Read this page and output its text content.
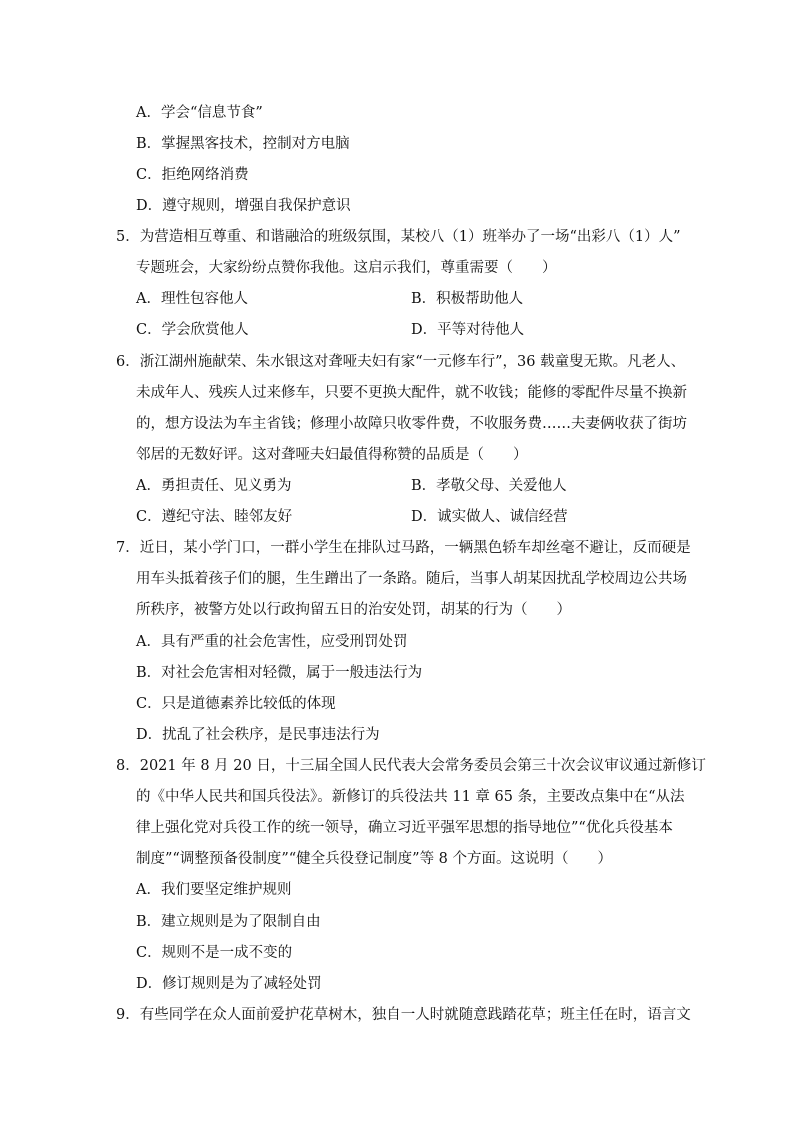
A．学会“信息节食”
B．掌握黑客技术，控制对方电脑
C．拒绝网络消费
D．遵守规则，增强自我保护意识
5．为营造相互尊重、和谐融洽的班级氛围，某校八（1）班举办了一场“出彩八（1）人”
专题班会，大家纷纷点赞你我他。这启示我们，尊重需要（　　）
A．理性包容他人	B．积极帮助他人
C．学会欣赏他人	D．平等对待他人
6．浙江湖州施献荣、朱水银这对聋哑夫妇有家“一元修车行”，36 载童叟无欺。凡老人、
未成年人、残疾人过来修车，只要不更换大配件，就不收钱；能修的零配件尽量不换新
的，想方设法为车主省钱；修理小故障只收零件费，不收服务费……夫妻俩收获了街坊
邻居的无数好评。这对聋哑夫妇最值得称赞的品质是（　　）
A．勇担责任、见义勇为	B．孝敬父母、关爱他人
C．遵纪守法、睦邻友好	D．诚实做人、诚信经营
7．近日，某小学门口，一群小学生在排队过马路，一辆黑色轿车却丝毫不避让，反而硬是
用车头抵着孩子们的腿，生生蹭出了一条路。随后，当事人胡某因扰乱学校周边公共场
所秩序，被警方处以行政拘留五日的治安处罚，胡某的行为（　　）
A．具有严重的社会危害性，应受刑罚处罚
B．对社会危害相对轻微，属于一般违法行为
C．只是道德素养比较低的体现
D．扰乱了社会秩序，是民事违法行为
8．2021 年 8 月 20 日，十三届全国人民代表大会常务委员会第三十次会议审议通过新修订
的《中华人民共和国兵役法》。新修订的兵役法共 11 章 65 条，主要改点集中在“从法
律上强化党对兵役工作的统一领导，确立习近平强军思想的指导地位”“优化兵役基本
制度”“调整预备役制度”“健全兵役登记制度”等 8 个方面。这说明（　　）
A．我们要坚定维护规则
B．建立规则是为了限制自由
C．规则不是一成不变的
D．修订规则是为了减轻处罚
9．有些同学在众人面前爱护花草树木，独自一人时就随意践踏花草；班主任在时，语言文
